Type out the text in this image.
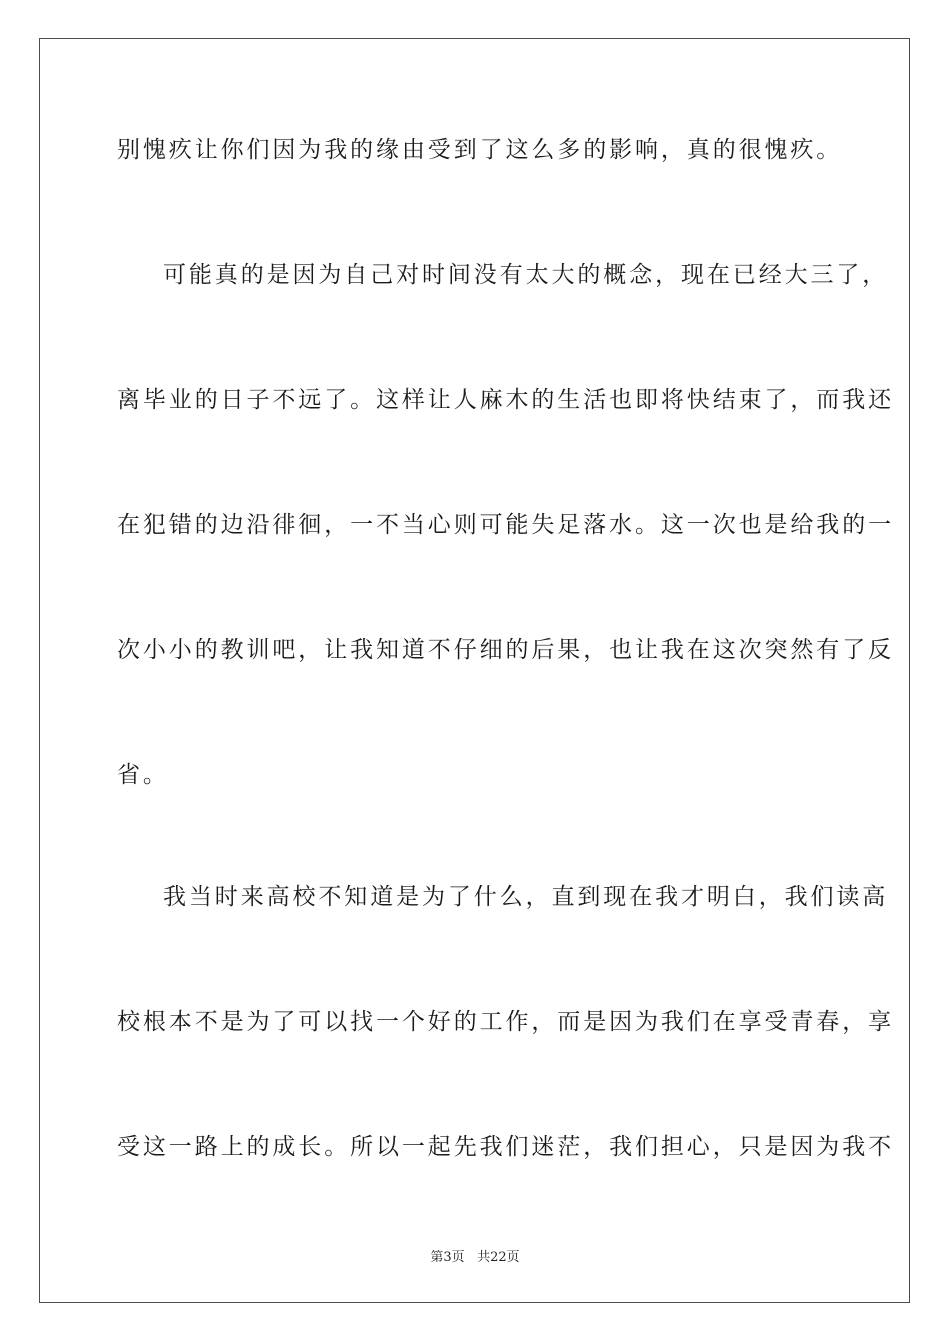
别愧疚让你们因为我的缘由受到了这么多的影响，真的很愧疚。
可能真的是因为自己对时间没有太大的概念，现在已经大三了，
离毕业的日子不远了。这样让人麻木的生活也即将快结束了，而我还
在犯错的边沿徘徊，一不当心则可能失足落水。这一次也是给我的一
次小小的教训吧，让我知道不仔细的后果，也让我在这次突然有了反
省。
我当时来高校不知道是为了什么，直到现在我才明白，我们读高
校根本不是为了可以找一个好的工作，而是因为我们在享受青春，享
受这一路上的成长。所以一起先我们迷茫，我们担心，只是因为我不
第3页 共22页
